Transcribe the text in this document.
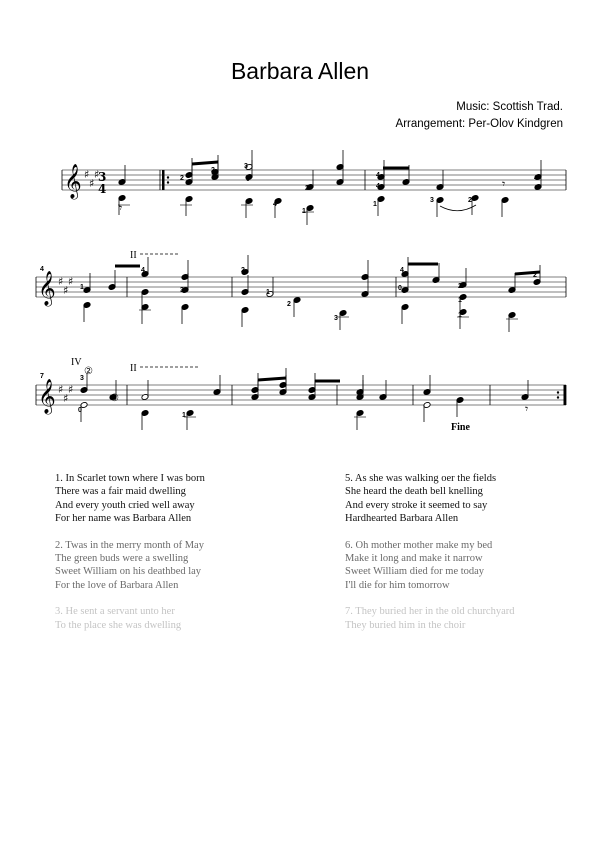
Barbara Allen
Music: Scottish Trad.
Arrangement: Per-Olov Kindgren
𝄞 ♯
♯
♯
𝄞 ♯
♯
♯
𝄞 ♯
♯
♯
𝄾
𝄾
𝄾
2
2
3
0
4
2
1
4
4
1
3	2
4
1
4
3
2
1
2
3
4
0	2
1
1
2
3
0
1
4
7
II
II
IV
②
③
Fine
3
4
1. In Scarlet town where I was born
There was a fair maid dwelling
And every youth cried well away
For her name was Barbara Allen
2. Twas in the merry month of May
The green buds were a swelling
Sweet William on his deathbed lay
For the love of Barbara Allen
3. He sent a servant unto her
To the place she was dwelling
5. As she was walking oer the fields
She heard the death bell knelling
And every stroke it seemed to say
Hardhearted Barbara Allen
6. Oh mother mother make my bed
Make it long and make it narrow
Sweet William died for me today
I'll die for him tomorrow
7. They buried her in the old churchyard
They buried him in the choir
